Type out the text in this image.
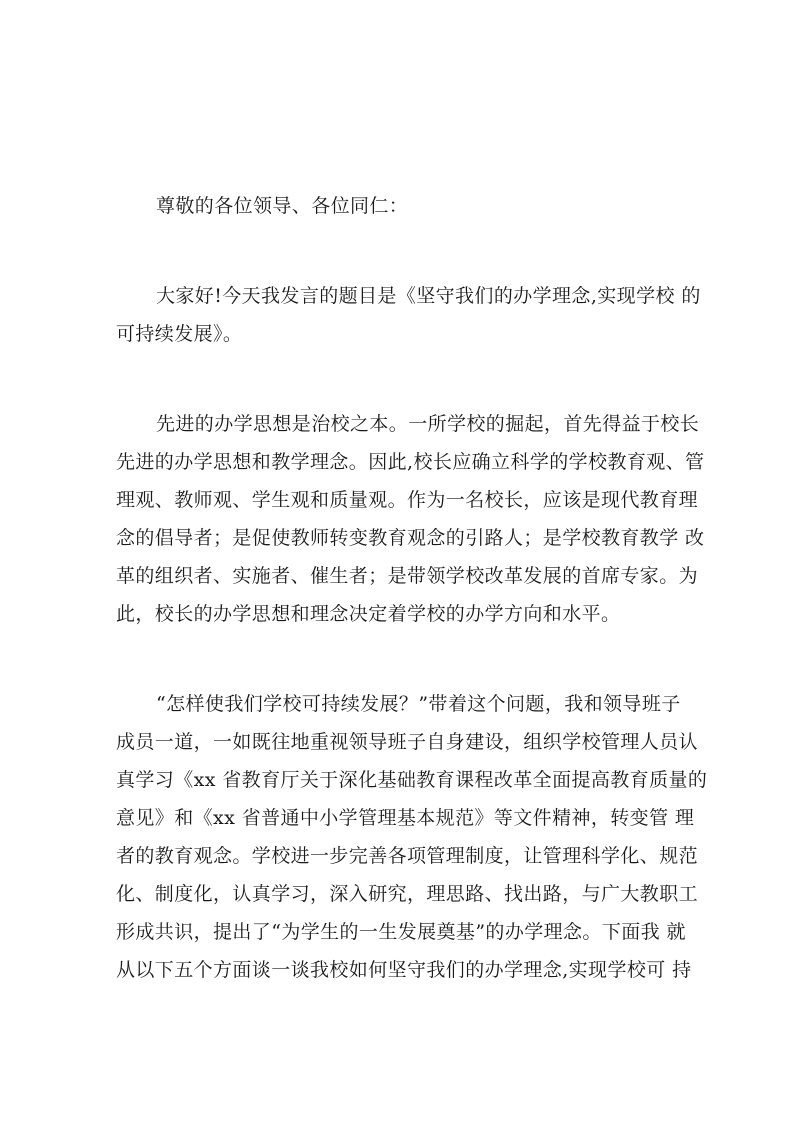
尊敬的各位领导、各位同仁：

大家好!今天我发言的题目是《坚守我们的办学理念,实现学校 的
可持续发展》。

先进的办学思想是治校之本。一所学校的掘起，首先得益于校长
先进的办学思想和教学理念。因此,校长应确立科学的学校教育观、管
理观、教师观、学生观和质量观。作为一名校长，应该是现代教育理
念的倡导者；是促使教师转变教育观念的引路人；是学校教育教学 改
革的组织者、实施者、催生者；是带领学校改革发展的首席专家。为
此，校长的办学思想和理念决定着学校的办学方向和水平。

“怎样使我们学校可持续发展？”带着这个问题，我和领导班子
成员一道，一如既往地重视领导班子自身建设，组织学校管理人员认
真学习《xx 省教育厅关于深化基础教育课程改革全面提高教育质量的
意见》和《xx 省普通中小学管理基本规范》等文件精神，转变管 理
者的教育观念。学校进一步完善各项管理制度，让管理科学化、规范
化、制度化，认真学习，深入研究，理思路、找出路，与广大教职工
形成共识，提出了“为学生的一生发展奠基”的办学理念。下面我 就
从以下五个方面谈一谈我校如何坚守我们的办学理念,实现学校可 持
